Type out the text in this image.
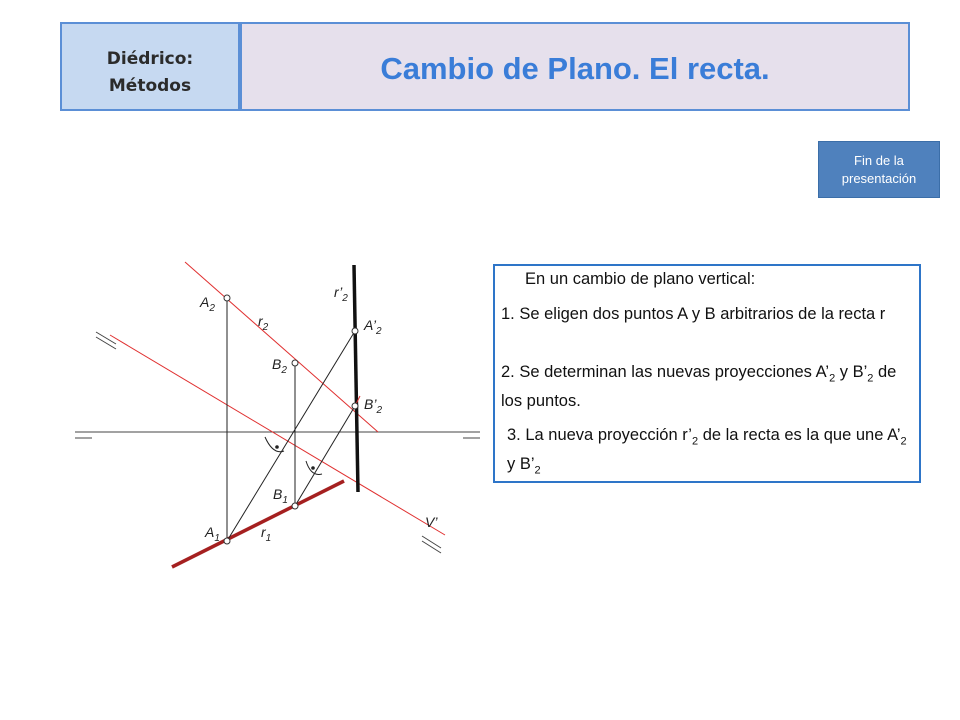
Diédrico:
Métodos	Cambio de Plano. El recta.
Fin de la
presentación
$A_2$
$r_2$
$r’_2$
$A’_2$
$B_2$
$B’_2$
$B_1$
$A_1$	$r_1$
V’
En un cambio de plano vertical:
1. Se eligen dos puntos A y B arbitrarios de la recta r
2. Se determinan las nuevas proyecciones $A’_2$ y $B’_2$ de los puntos.
3. La nueva proyección $r’_2$ de la recta es la que une $A’_2$ y $B’_2$
